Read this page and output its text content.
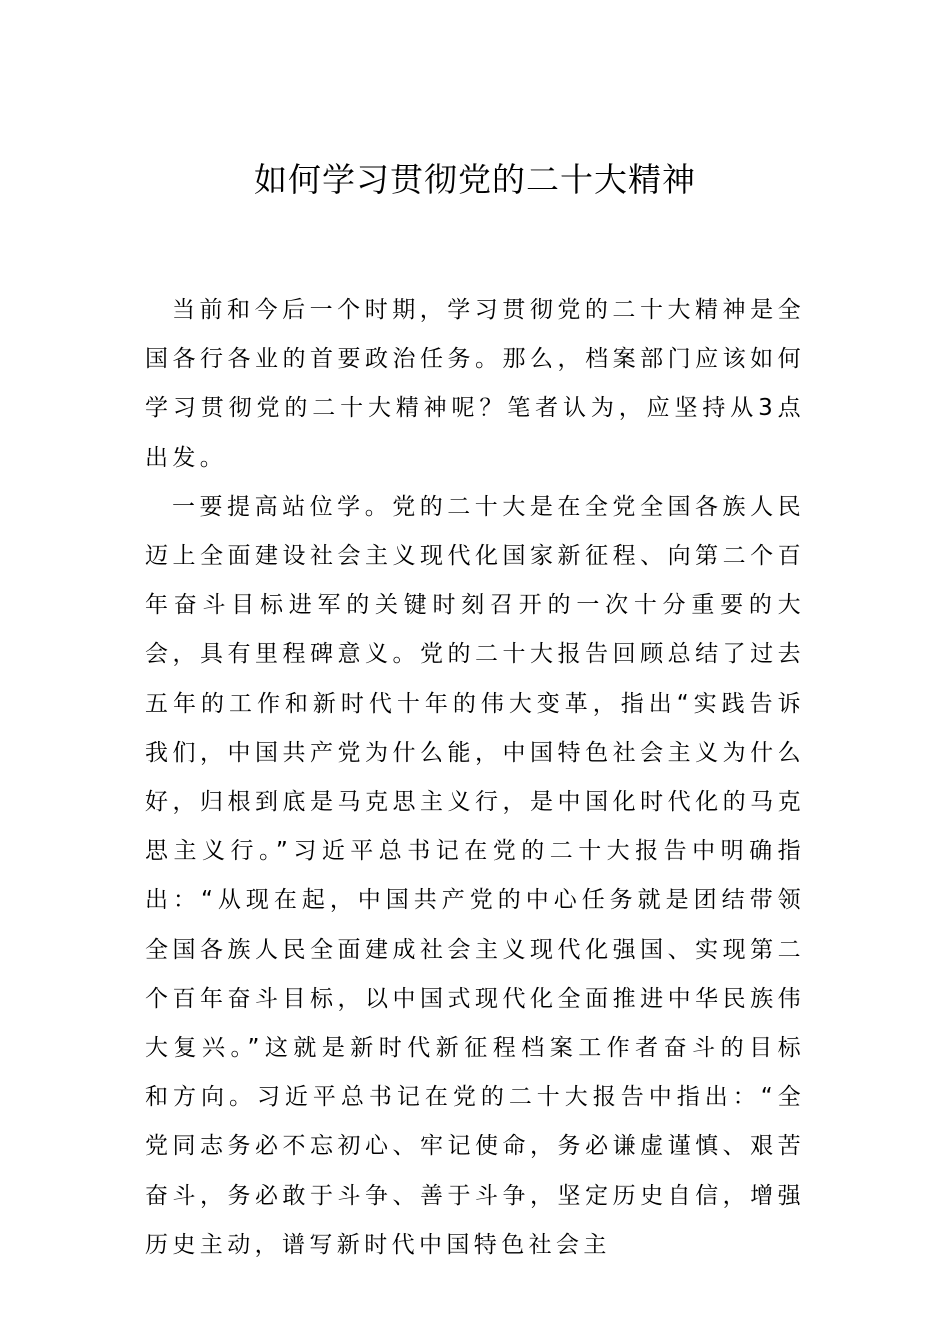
如何学习贯彻党的二十大精神

当前和今后一个时期，学习贯彻党的二十大精神是全国各行各业的首要政治任务。那么，档案部门应该如何学习贯彻党的二十大精神呢？笔者认为，应坚持从3点出发。

一要提高站位学。党的二十大是在全党全国各族人民迈上全面建设社会主义现代化国家新征程、向第二个百年奋斗目标进军的关键时刻召开的一次十分重要的大会，具有里程碑意义。党的二十大报告回顾总结了过去五年的工作和新时代十年的伟大变革，指出“实践告诉我们，中国共产党为什么能，中国特色社会主义为什么好，归根到底是马克思主义行，是中国化时代化的马克思主义行。”习近平总书记在党的二十大报告中明确指出：“从现在起，中国共产党的中心任务就是团结带领全国各族人民全面建成社会主义现代化强国、实现第二个百年奋斗目标，以中国式现代化全面推进中华民族伟大复兴。”这就是新时代新征程档案工作者奋斗的目标和方向。习近平总书记在党的二十大报告中指出：“全党同志务必不忘初心、牢记使命，务必谦虚谨慎、艰苦奋斗，务必敢于斗争、善于斗争，坚定历史自信，增强历史主动，谱写新时代中国特色社会主
